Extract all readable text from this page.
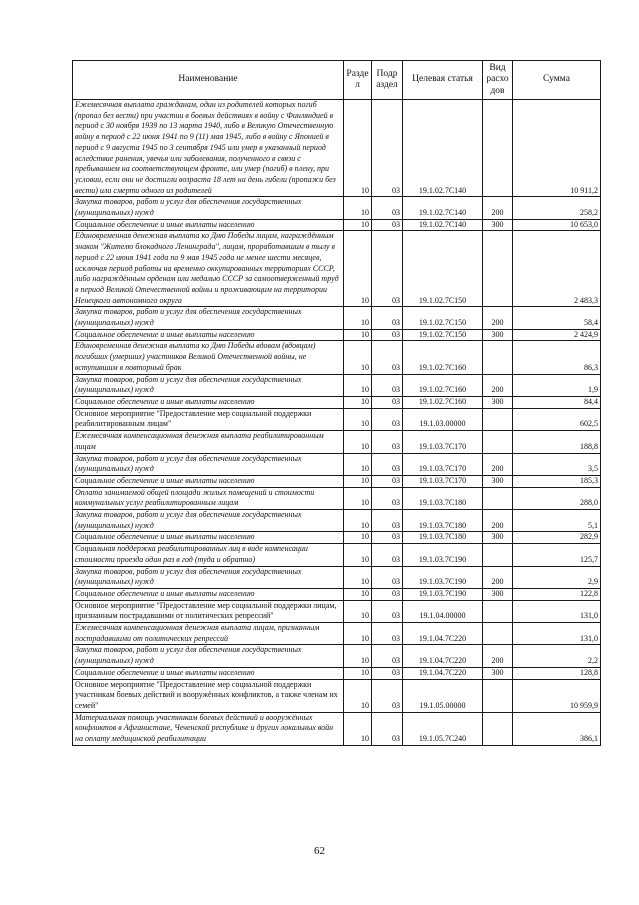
Наименование	Разде л	Подр аздел	Целевая статья	Вид расхо дов	Сумма
Ежемесячная выплата гражданам, один из родителей которых погиб (пропал без вести) при участии в боевых действиях в войну с Финляндией в период с 30 ноября 1939 по 13 марта 1940, либо в Великую Отечественную войну в период с 22 июня 1941 по 9 (11) мая 1945, либо в войну с Японией в период с 9 августа 1945 по 3 сентября 1945 или умер в указанный период вследствие ранения, увечья или заболевания, полученного в связи с пребыванием на соответствующем фронте, или умер (погиб) в плену, при условии, если они не достигли возраста 18 лет на день гибели (пропажи без вести) или смерти одного из родителей	10	03	19.1.02.7С140		10 911,2
Закупка товаров, работ и услуг для обеспечения государственных (муниципальных) нужд	10	03	19.1.02.7С140	200	258,2
Социальное обеспечение и иные выплаты населению	10	03	19.1.02.7С140	300	10 653,0
Единовременная денежная выплата ко Дню Победы лицам, награждённым знаком "Жителю блокадного Ленинграда", лицам, проработавшим в тылу в период с 22 июня 1941 года по 9 мая 1945 года не менее шести месяцев, исключая период работы на временно оккупированных территориях СССР, либо награждённым орденом или медалью СССР за самоотверженный труд в период Великой Отечественной войны и проживающим на территории Ненецкого автономного округа	10	03	19.1.02.7С150		2 483,3
Закупка товаров, работ и услуг для обеспечения государственных (муниципальных) нужд	10	03	19.1.02.7С150	200	58,4
Социальное обеспечение и иные выплаты населению	10	03	19.1.02.7С150	300	2 424,9
Единовременная денежная выплата ко Дню Победы вдовам (вдовцам) погибших (умерших) участников Великой Отечественной войны, не вступившим в повторный брак	10	03	19.1.02.7С160		86,3
Закупка товаров, работ и услуг для обеспечения государственных (муниципальных) нужд	10	03	19.1.02.7С160	200	1,9
Социальное обеспечение и иные выплаты населению	10	03	19.1.02.7С160	300	84,4
Основное мероприятие "Предоставление мер социальной поддержки реабилитированным лицам"	10	03	19.1.03.00000		602,5
Ежемесячная компенсационная денежная выплата реабилитированным лицам	10	03	19.1.03.7С170		188,8
Закупка товаров, работ и услуг для обеспечения государственных (муниципальных) нужд	10	03	19.1.03.7С170	200	3,5
Социальное обеспечение и иные выплаты населению	10	03	19.1.03.7С170	300	185,3
Оплата занимаемой общей площади жилых помещений и стоимости коммунальных услуг реабилитированным лицам	10	03	19.1.03.7С180		288,0
Закупка товаров, работ и услуг для обеспечения государственных (муниципальных) нужд	10	03	19.1.03.7С180	200	5,1
Социальное обеспечение и иные выплаты населению	10	03	19.1.03.7С180	300	282,9
Социальная поддержка реабилитированных лиц в виде компенсации стоимости проезда один раз в год (туда и обратно)	10	03	19.1.03.7С190		125,7
Закупка товаров, работ и услуг для обеспечения государственных (муниципальных) нужд	10	03	19.1.03.7С190	200	2,9
Социальное обеспечение и иные выплаты населению	10	03	19.1.03.7С190	300	122,8
Основное мероприятие "Предоставление мер социальной поддержки лицам, признанным пострадавшими от политических репрессий"	10	03	19.1.04.00000		131,0
Ежемесячная компенсационная денежная выплата лицам, признанным пострадавшими от политических репрессий	10	03	19.1.04.7С220		131,0
Закупка товаров, работ и услуг для обеспечения государственных (муниципальных) нужд	10	03	19.1.04.7С220	200	2,2
Социальное обеспечение и иные выплаты населению	10	03	19.1.04.7С220	300	128,8
Основное мероприятие "Предоставление мер социальной поддержки участникам боевых действий и вооружённых конфликтов, а также членам их семей"	10	03	19.1.05.00000		10 959,9
Материальная помощь участникам боевых действий и вооружённых конфликтов в Афганистане, Чеченской республике и других локальных войн на оплату медицинской реабилитации	10	03	19.1.05.7С240		386,1
62
